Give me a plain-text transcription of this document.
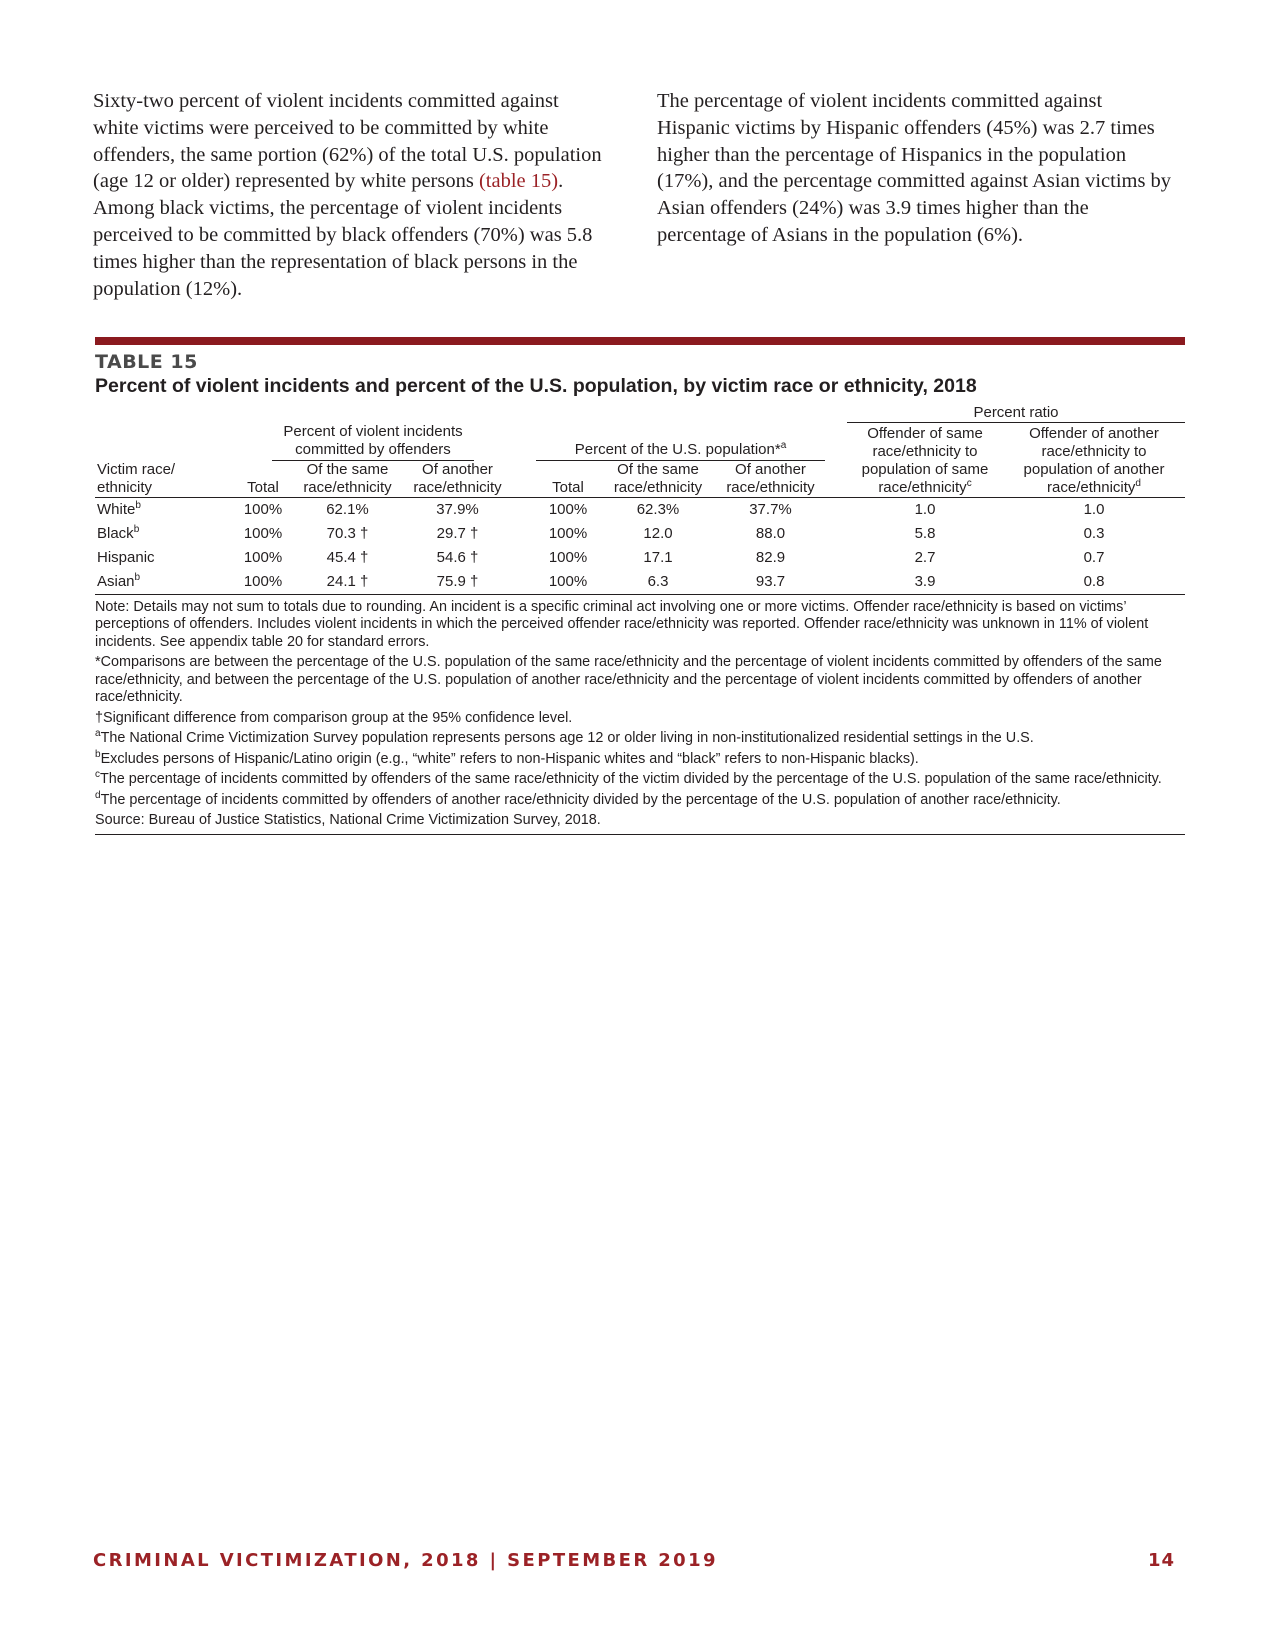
Sixty-two percent of violent incidents committed against white victims were perceived to be committed by white offenders, the same portion (62%) of the total U.S. population (age 12 or older) represented by white persons (table 15). Among black victims, the percentage of violent incidents perceived to be committed by black offenders (70%) was 5.8 times higher than the representation of black persons in the population (12%).

The percentage of violent incidents committed against Hispanic victims by Hispanic offenders (45%) was 2.7 times higher than the percentage of Hispanics in the population (17%), and the percentage committed against Asian victims by Asian offenders (24%) was 3.9 times higher than the percentage of Asians in the population (6%).

TABLE 15
Percent of violent incidents and percent of the U.S. population, by victim race or ethnicity, 2018
									Percent ratio	

	Percent of violent incidents committed by offenders				Percent of the U.S. population*$^a$				Offender of same race/ethnicity to population of same race/ethnicity$^c$	Offender of another race/ethnicity to population of another race/ethnicity$^d$
Victim race/ ethnicity	Total	Of the same race/ethnicity	Of another race/ethnicity		Total	Of the same race/ethnicity	Of another race/ethnicity			
White$^b$	100%	62.1%	37.9%		100%	62.3%	37.7%		1.0	1.0
Black$^b$	100%	70.3 †	29.7 †		100%	12.0	88.0		5.8	0.3
Hispanic	100%	45.4 †	54.6 †		100%	17.1	82.9		2.7	0.7
Asian$^b$	100%	24.1 †	75.9 †		100%	6.3	93.7		3.9	0.8

Note: Details may not sum to totals due to rounding. An incident is a specific criminal act involving one or more victims. Offender race/ethnicity is based on victims’ perceptions of offenders. Includes violent incidents in which the perceived offender race/ethnicity was reported. Offender race/ethnicity was unknown in 11% of violent incidents. See appendix table 20 for standard errors.

*Comparisons are between the percentage of the U.S. population of the same race/ethnicity and the percentage of violent incidents committed by offenders of the same race/ethnicity, and between the percentage of the U.S. population of another race/ethnicity and the percentage of violent incidents committed by offenders of another race/ethnicity.

†Significant difference from comparison group at the 95% confidence level.

$^a$The National Crime Victimization Survey population represents persons age 12 or older living in non-institutionalized residential settings in the U.S.

$^b$Excludes persons of Hispanic/Latino origin (e.g., “white” refers to non-Hispanic whites and “black” refers to non-Hispanic blacks).

$^c$The percentage of incidents committed by offenders of the same race/ethnicity of the victim divided by the percentage of the U.S. population of the same race/ethnicity.

$^d$The percentage of incidents committed by offenders of another race/ethnicity divided by the percentage of the U.S. population of another race/ethnicity.

Source: Bureau of Justice Statistics, National Crime Victimization Survey, 2018.

CRIMINAL VICTIMIZATION, 2018 | SEPTEMBER 2019	14
